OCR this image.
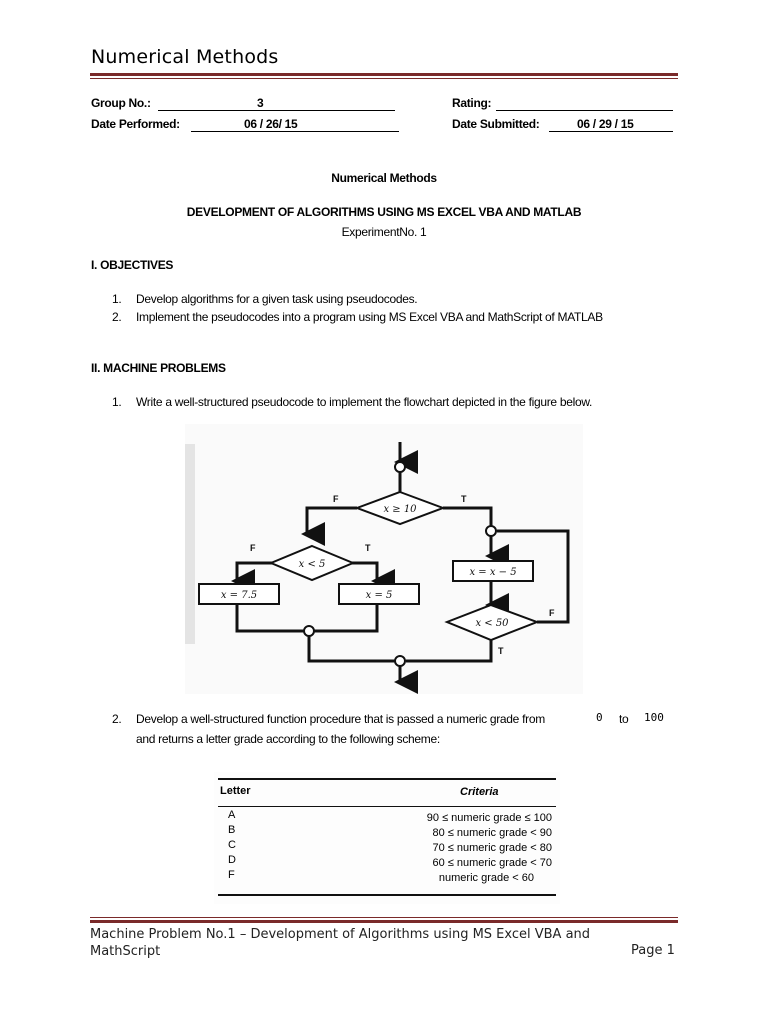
Numerical Methods
Group No.:	3	Rating:
Date Performed:	06 / 26/ 15	Date Submitted:	06 / 29 / 15
Numerical Methods
DEVELOPMENT OF ALGORITHMS USING MS EXCEL VBA AND MATLAB
ExperimentNo. 1
I. OBJECTIVES
1. Develop algorithms for a given task using pseudocodes.
2. Implement the pseudocodes into a program using MS Excel VBA and MathScript of MATLAB
II. MACHINE PROBLEMS
1. Write a well-structured pseudocode to implement the flowchart depicted in the figure below.
x ≥ 10
x < 5
x < 50
x = 7.5	x = 5
x = x − 5
F	T
F	T
F
T
2. Develop a well-structured function procedure that is passed a numeric grade from	0 to 100
and returns a letter grade according to the following scheme:
Letter	Criteria
A	90 ≤ numeric grade ≤ 100
B	80 ≤ numeric grade < 90
C	70 ≤ numeric grade < 80
D	60 ≤ numeric grade < 70
F	numeric grade < 60
Machine Problem No.1 – Development of Algorithms using MS Excel VBA and MathScript	Page 1
